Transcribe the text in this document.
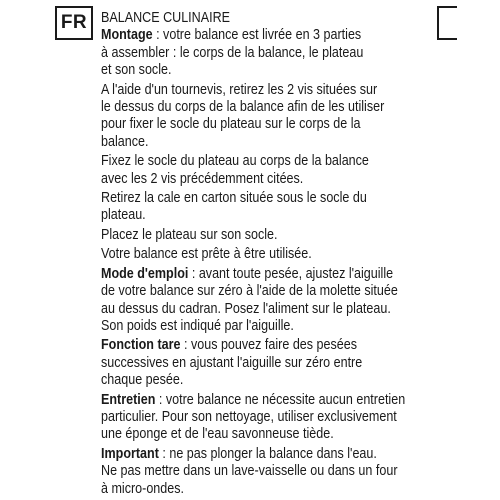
FR BALANCE CULINAIRE
Montage : votre balance est livrée en 3 parties
à assembler : le corps de la balance, le plateau
et son socle.
A l'aide d'un tournevis, retirez les 2 vis situées sur
le dessus du corps de la balance afin de les utiliser
pour fixer le socle du plateau sur le corps de la
balance.
Fixez le socle du plateau au corps de la balance
avec les 2 vis précédemment citées.
Retirez la cale en carton située sous le socle du
plateau.
Placez le plateau sur son socle.
Votre balance est prête à être utilisée.
Mode d'emploi : avant toute pesée, ajustez l'aiguille
de votre balance sur zéro à l'aide de la molette située
au dessus du cadran. Posez l'aliment sur le plateau.
Son poids est indiqué par l'aiguille.
Fonction tare : vous pouvez faire des pesées
successives en ajustant l'aiguille sur zéro entre
chaque pesée.
Entretien : votre balance ne nécessite aucun entretien
particulier. Pour son nettoyage, utiliser exclusivement
une éponge et de l'eau savonneuse tiède.
Important : ne pas plonger la balance dans l'eau.
Ne pas mettre dans un lave-vaisselle ou dans un four
à micro-ondes.
